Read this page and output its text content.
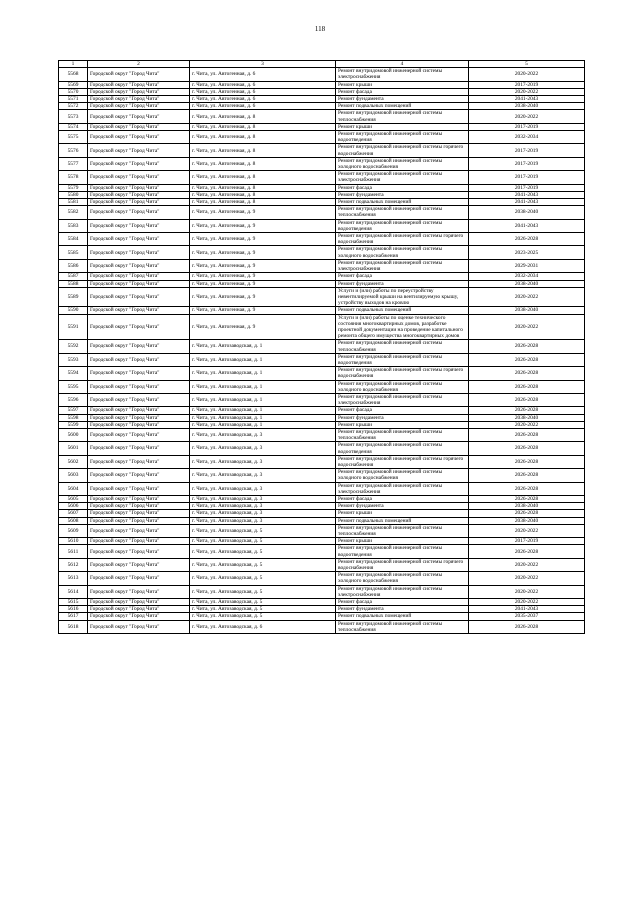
118
1	2	3	4	5
5568	Городской округ "Город Чита"	г. Чита, ул. Автогенная, д. 6	Ремонт внутридомовой инженерной системы электроснабжения	2020-2022
5569	Городской округ "Город Чита"	г. Чита, ул. Автогенная, д. 6	Ремонт крыши	2017-2019
5570	Городской округ "Город Чита"	г. Чита, ул. Автогенная, д. 6	Ремонт фасада	2020-2022
5571	Городской округ "Город Чита"	г. Чита, ул. Автогенная, д. 6	Ремонт фундамента	2041-2043
5572	Городской округ "Город Чита"	г. Чита, ул. Автогенная, д. 6	Ремонт подвальных помещений	2038-2040
5573	Городской округ "Город Чита"	г. Чита, ул. Автогенная, д. 8	Ремонт внутридомовой инженерной системы теплоснабжения	2020-2022
5574	Городской округ "Город Чита"	г. Чита, ул. Автогенная, д. 8	Ремонт крыши	2017-2019
5575	Городской округ "Город Чита"	г. Чита, ул. Автогенная, д. 8	Ремонт внутридомовой инженерной системы водоотведения	2032-2034
5576	Городской округ "Город Чита"	г. Чита, ул. Автогенная, д. 8	Ремонт внутридомовой инженерной системы горячего водоснабжения	2017-2019
5577	Городской округ "Город Чита"	г. Чита, ул. Автогенная, д. 8	Ремонт внутридомовой инженерной системы холодного водоснабжения	2017-2019
5578	Городской округ "Город Чита"	г. Чита, ул. Автогенная, д. 8	Ремонт внутридомовой инженерной системы электроснабжения	2017-2019
5579	Городской округ "Город Чита"	г. Чита, ул. Автогенная, д. 8	Ремонт фасада	2017-2019
5580	Городской округ "Город Чита"	г. Чита, ул. Автогенная, д. 8	Ремонт фундамента	2041-2043
5581	Городской округ "Город Чита"	г. Чита, ул. Автогенная, д. 8	Ремонт подвальных помещений	2041-2043
5582	Городской округ "Город Чита"	г. Чита, ул. Автогенная, д. 9	Ремонт внутридомовой инженерной системы теплоснабжения	2038-2040
5583	Городской округ "Город Чита"	г. Чита, ул. Автогенная, д. 9	Ремонт внутридомовой инженерной системы водоотведения	2041-2043
5584	Городской округ "Город Чита"	г. Чита, ул. Автогенная, д. 9	Ремонт внутридомовой инженерной системы горячего водоснабжения	2026-2028
5585	Городской округ "Город Чита"	г. Чита, ул. Автогенная, д. 9	Ремонт внутридомовой инженерной системы холодного водоснабжения	2023-2025
5586	Городской округ "Город Чита"	г. Чита, ул. Автогенная, д. 9	Ремонт внутридомовой инженерной системы электроснабжения	2029-2031
5587	Городской округ "Город Чита"	г. Чита, ул. Автогенная, д. 9	Ремонт фасада	2032-2034
5588	Городской округ "Город Чита"	г. Чита, ул. Автогенная, д. 9	Ремонт фундамента	2038-2040
5589	Городской округ "Город Чита"	г. Чита, ул. Автогенная, д. 9	Услуги и (или) работы по переустройству невентилируемой крыши на вентилируемую крышу, устройству выходов на кровлю	2020-2022
5590	Городской округ "Город Чита"	г. Чита, ул. Автогенная, д. 9	Ремонт подвальных помещений	2038-2040
5591	Городской округ "Город Чита"	г. Чита, ул. Автогенная, д. 9	Услуги и (или) работы по оценке технического состояния многоквартирных домов, разработке проектной документации на проведение капитального ремонта общего имущества многоквартирных домов	2020-2022
5592	Городской округ "Город Чита"	г. Чита, ул. Автозаводская, д. 1	Ремонт внутридомовой инженерной системы теплоснабжения	2026-2028
5593	Городской округ "Город Чита"	г. Чита, ул. Автозаводская, д. 1	Ремонт внутридомовой инженерной системы водоотведения	2026-2028
5594	Городской округ "Город Чита"	г. Чита, ул. Автозаводская, д. 1	Ремонт внутридомовой инженерной системы горячего водоснабжения	2026-2028
5595	Городской округ "Город Чита"	г. Чита, ул. Автозаводская, д. 1	Ремонт внутридомовой инженерной системы холодного водоснабжения	2026-2028
5596	Городской округ "Город Чита"	г. Чита, ул. Автозаводская, д. 1	Ремонт внутридомовой инженерной системы электроснабжения	2026-2028
5597	Городской округ "Город Чита"	г. Чита, ул. Автозаводская, д. 1	Ремонт фасада	2026-2028
5598	Городской округ "Город Чита"	г. Чита, ул. Автозаводская, д. 1	Ремонт фундамента	2038-2040
5599	Городской округ "Город Чита"	г. Чита, ул. Автозаводская, д. 1	Ремонт крыши	2020-2022
5600	Городской округ "Город Чита"	г. Чита, ул. Автозаводская, д. 3	Ремонт внутридомовой инженерной системы теплоснабжения	2026-2028
5601	Городской округ "Город Чита"	г. Чита, ул. Автозаводская, д. 3	Ремонт внутридомовой инженерной системы водоотведения	2026-2028
5602	Городской округ "Город Чита"	г. Чита, ул. Автозаводская, д. 3	Ремонт внутридомовой инженерной системы горячего водоснабжения	2026-2028
5603	Городской округ "Город Чита"	г. Чита, ул. Автозаводская, д. 3	Ремонт внутридомовой инженерной системы холодного водоснабжения	2026-2028
5604	Городской округ "Город Чита"	г. Чита, ул. Автозаводская, д. 3	Ремонт внутридомовой инженерной системы электроснабжения	2026-2028
5605	Городской округ "Город Чита"	г. Чита, ул. Автозаводская, д. 3	Ремонт фасада	2026-2028
5606	Городской округ "Город Чита"	г. Чита, ул. Автозаводская, д. 3	Ремонт фундамента	2038-2040
5607	Городской округ "Город Чита"	г. Чита, ул. Автозаводская, д. 3	Ремонт крыши	2026-2028
5608	Городской округ "Город Чита"	г. Чита, ул. Автозаводская, д. 3	Ремонт подвальных помещений	2038-2040
5609	Городской округ "Город Чита"	г. Чита, ул. Автозаводская, д. 5	Ремонт внутридомовой инженерной системы теплоснабжения	2020-2022
5610	Городской округ "Город Чита"	г. Чита, ул. Автозаводская, д. 5	Ремонт крыши	2017-2019
5611	Городской округ "Город Чита"	г. Чита, ул. Автозаводская, д. 5	Ремонт внутридомовой инженерной системы водоотведения	2026-2028
5612	Городской округ "Город Чита"	г. Чита, ул. Автозаводская, д. 5	Ремонт внутридомовой инженерной системы горячего водоснабжения	2020-2022
5613	Городской округ "Город Чита"	г. Чита, ул. Автозаводская, д. 5	Ремонт внутридомовой инженерной системы холодного водоснабжения	2020-2022
5614	Городской округ "Город Чита"	г. Чита, ул. Автозаводская, д. 5	Ремонт внутридомовой инженерной системы электроснабжения	2020-2022
5615	Городской округ "Город Чита"	г. Чита, ул. Автозаводская, д. 5	Ремонт фасада	2020-2022
5616	Городской округ "Город Чита"	г. Чита, ул. Автозаводская, д. 5	Ремонт фундамента	2041-2043
5617	Городской округ "Город Чита"	г. Чита, ул. Автозаводская, д. 5	Ремонт подвальных помещений	2035-2037
5618	Городской округ "Город Чита"	г. Чита, ул. Автозаводская, д. 6	Ремонт внутридомовой инженерной системы теплоснабжения	2026-2028
